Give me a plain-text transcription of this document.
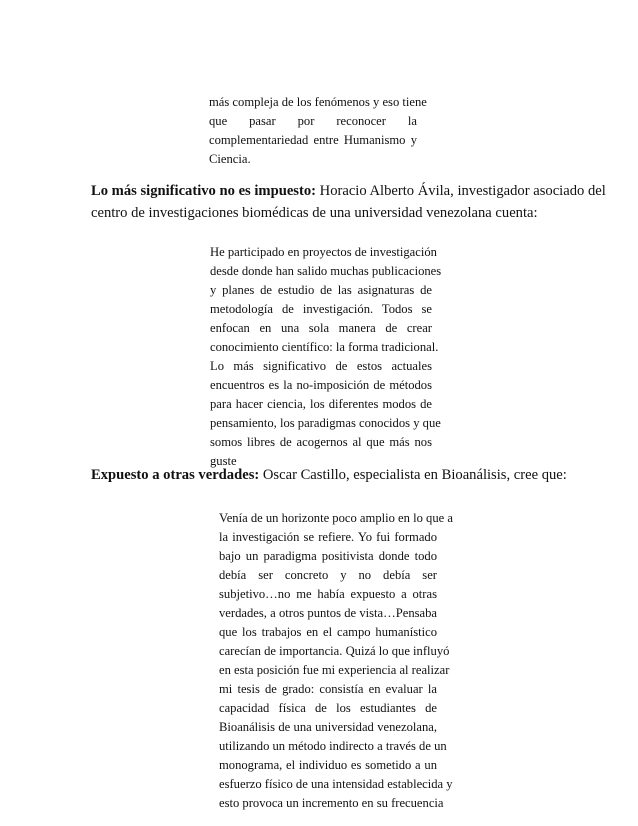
más compleja de los fenómenos y eso tiene
que pasar por reconocer la
complementariedad entre Humanismo y
Ciencia.
Lo más significativo no es impuesto: Horacio Alberto Ávila, investigador asociado del
centro de investigaciones biomédicas de una universidad venezolana cuenta:
He participado en proyectos de investigación
desde donde han salido muchas publicaciones
y planes de estudio de las asignaturas de
metodología de investigación. Todos se
enfocan en una sola manera de crear
conocimiento científico: la forma tradicional.
Lo más significativo de estos actuales
encuentros es la no-imposición de métodos
para hacer ciencia, los diferentes modos de
pensamiento, los paradigmas conocidos y que
somos libres de acogernos al que más nos
guste
Expuesto a otras verdades: Oscar Castillo, especialista en Bioanálisis, cree que:
Venía de un horizonte poco amplio en lo que a
la investigación se refiere. Yo fui formado
bajo un paradigma positivista donde todo
debía ser concreto y no debía ser
subjetivo…no me había expuesto a otras
verdades, a otros puntos de vista…Pensaba
que los trabajos en el campo humanístico
carecían de importancia. Quizá lo que influyó
en esta posición fue mi experiencia al realizar
mi tesis de grado: consistía en evaluar la
capacidad física de los estudiantes de
Bioanálisis de una universidad venezolana,
utilizando un método indirecto a través de un
monograma, el individuo es sometido a un
esfuerzo físico de una intensidad establecida y
esto provoca un incremento en su frecuencia
